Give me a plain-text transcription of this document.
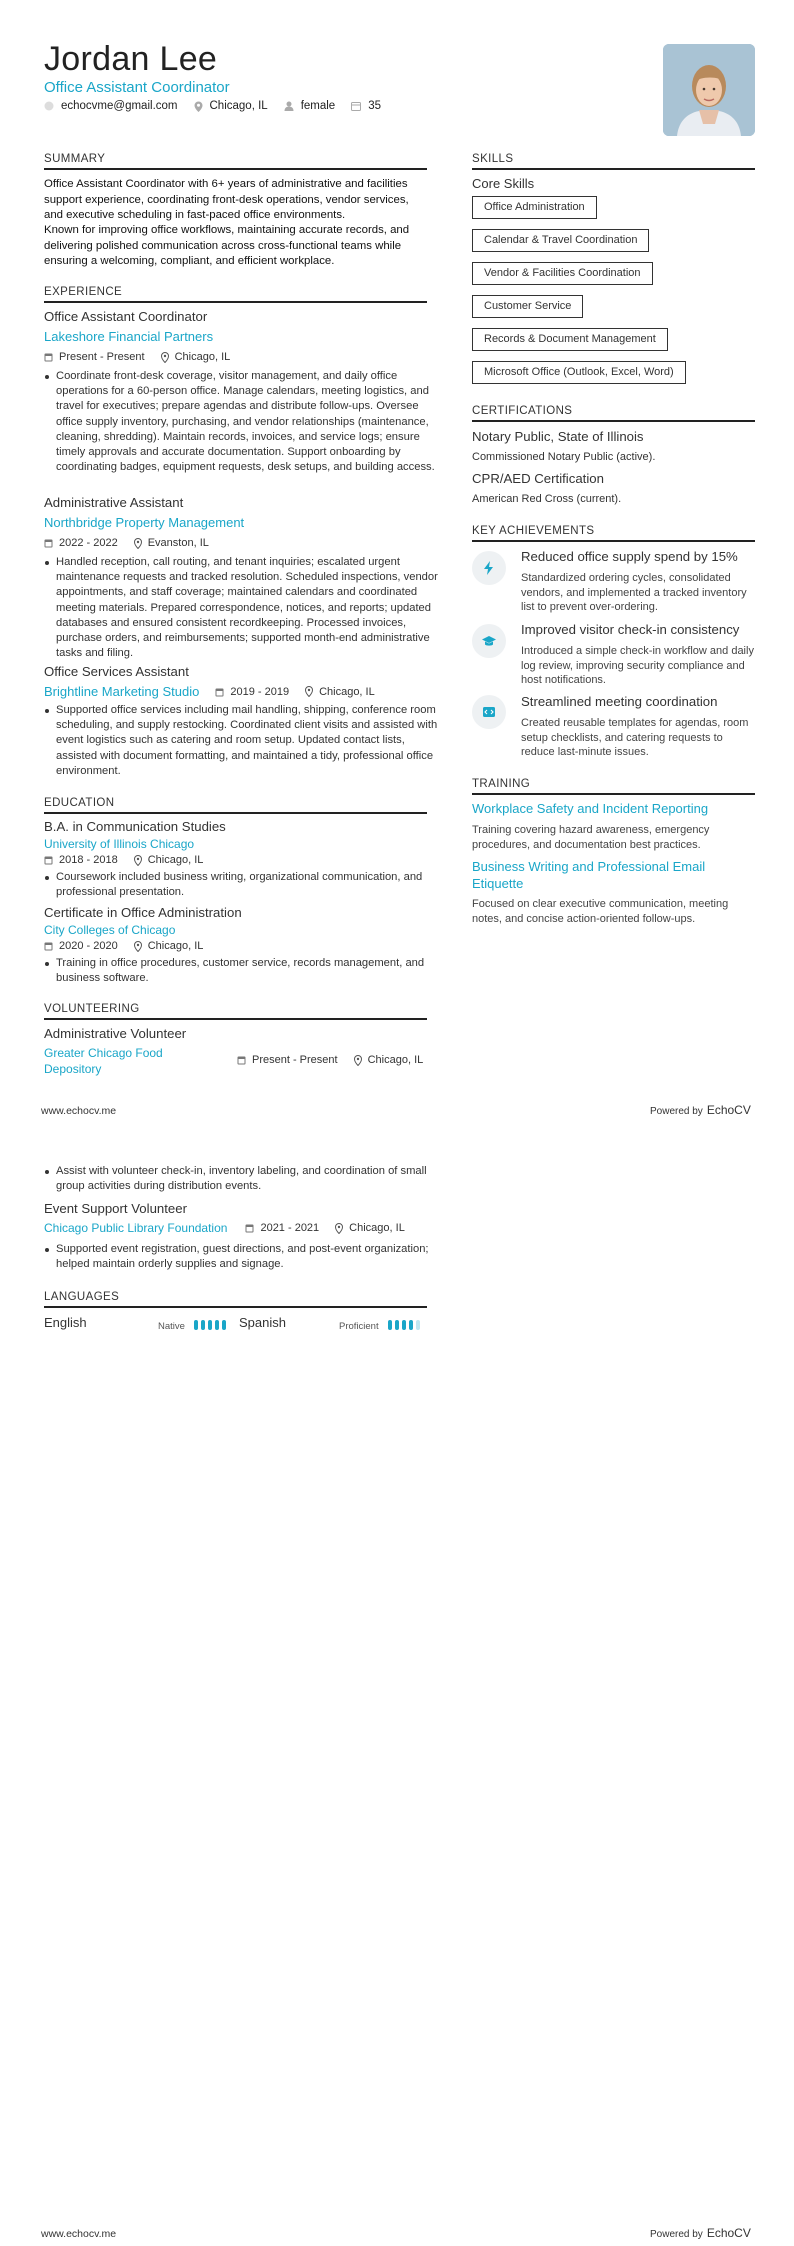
Jordan Lee
Office Assistant Coordinator
echocvme@gmail.com	Chicago, IL	female	35
SUMMARY
Office Assistant Coordinator with 6+ years of administrative and facilities support experience, coordinating front-desk operations, vendor services, and executive scheduling in fast-paced office environments.
Known for improving office workflows, maintaining accurate records, and delivering polished communication across cross-functional teams while ensuring a welcoming, compliant, and efficient workplace.
EXPERIENCE
Office Assistant Coordinator
Lakeshore Financial Partners
Present - Present	Chicago, IL
Coordinate front-desk coverage, visitor management, and daily office operations for a 60-person office. Manage calendars, meeting logistics, and travel for executives; prepare agendas and distribute follow-ups. Oversee office supply inventory, purchasing, and vendor relationships (maintenance, cleaning, shredding). Maintain records, invoices, and service logs; ensure timely approvals and accurate documentation. Support onboarding by coordinating badges, equipment requests, desk setups, and building access.
Administrative Assistant
Northbridge Property Management
2022 - 2022	Evanston, IL
Handled reception, call routing, and tenant inquiries; escalated urgent maintenance requests and tracked resolution. Scheduled inspections, vendor appointments, and staff coverage; maintained calendars and coordinated meeting materials. Prepared correspondence, notices, and reports; updated databases and ensured consistent recordkeeping. Processed invoices, purchase orders, and reimbursements; supported month-end administrative tasks and filing.
Office Services Assistant
Brightline Marketing Studio	2019 - 2019	Chicago, IL
Supported office services including mail handling, shipping, conference room scheduling, and supply restocking. Coordinated client visits and assisted with event logistics such as catering and room setup. Updated contact lists, assisted with document formatting, and maintained a tidy, professional office environment.
EDUCATION
B.A. in Communication Studies
University of Illinois Chicago
2018 - 2018	Chicago, IL
Coursework included business writing, organizational communication, and professional presentation.
Certificate in Office Administration
City Colleges of Chicago
2020 - 2020	Chicago, IL
Training in office procedures, customer service, records management, and business software.
VOLUNTEERING
Administrative Volunteer
Greater Chicago Food Depository
Present - Present	Chicago, IL
SKILLS
Core Skills
Office Administration
Calendar & Travel Coordination
Vendor & Facilities Coordination
Customer Service
Records & Document Management
Microsoft Office (Outlook, Excel, Word)
CERTIFICATIONS
Notary Public, State of Illinois
Commissioned Notary Public (active).
CPR/AED Certification
American Red Cross (current).
KEY ACHIEVEMENTS
Reduced office supply spend by 15%
Standardized ordering cycles, consolidated vendors, and implemented a tracked inventory list to prevent over-ordering.
Improved visitor check-in consistency
Introduced a simple check-in workflow and daily log review, improving security compliance and host notifications.
Streamlined meeting coordination
Created reusable templates for agendas, room setup checklists, and catering requests to reduce last-minute issues.
TRAINING
Workplace Safety and Incident Reporting
Training covering hazard awareness, emergency procedures, and documentation best practices.
Business Writing and Professional Email Etiquette
Focused on clear executive communication, meeting notes, and concise action-oriented follow-ups.
www.echocv.me	Powered by EchoCV
Assist with volunteer check-in, inventory labeling, and coordination of small group activities during distribution events.
Event Support Volunteer
Chicago Public Library Foundation	2021 - 2021	Chicago, IL
Supported event registration, guest directions, and post-event organization; helped maintain orderly supplies and signage.
LANGUAGES
English	Native	Spanish	Proficient
www.echocv.me	Powered by EchoCV
